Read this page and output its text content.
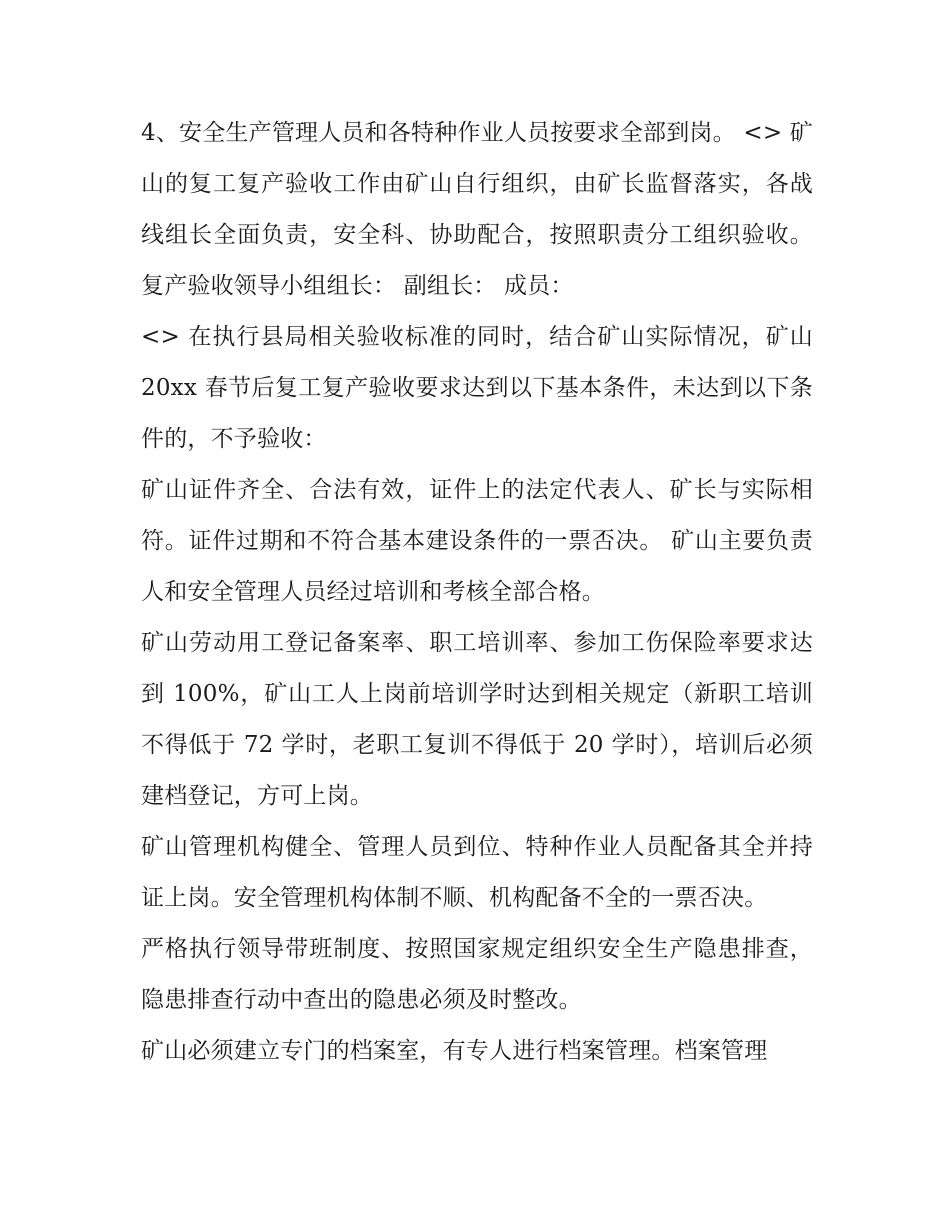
4、安全生产管理人员和各特种作业人员按要求全部到岗。 <> 矿山的复工复产验收工作由矿山自行组织，由矿长监督落实，各战线组长全面负责，安全科、协助配合，按照职责分工组织验收。 复产验收领导小组组长： 副组长： 成员：

<> 在执行县局相关验收标准的同时，结合矿山实际情况，矿山 20xx 春节后复工复产验收要求达到以下基本条件，未达到以下条件的，不予验收：

矿山证件齐全、合法有效，证件上的法定代表人、矿长与实际相符。证件过期和不符合基本建设条件的一票否决。 矿山主要负责人和安全管理人员经过培训和考核全部合格。

矿山劳动用工登记备案率、职工培训率、参加工伤保险率要求达到 100%，矿山工人上岗前培训学时达到相关规定（新职工培训不得低于 72 学时，老职工复训不得低于 20 学时），培训后必须建档登记，方可上岗。

矿山管理机构健全、管理人员到位、特种作业人员配备其全并持证上岗。安全管理机构体制不顺、机构配备不全的一票否决。

严格执行领导带班制度、按照国家规定组织安全生产隐患排查，隐患排查行动中查出的隐患必须及时整改。

矿山必须建立专门的档案室，有专人进行档案管理。档案管理
